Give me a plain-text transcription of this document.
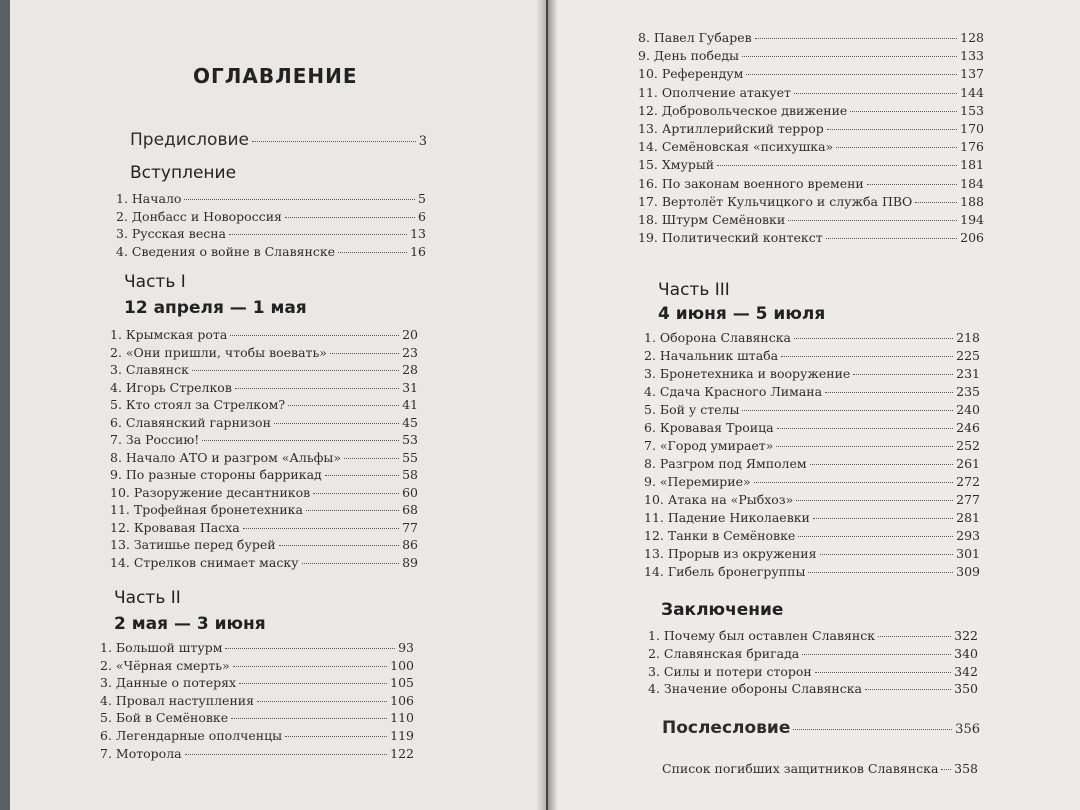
ОГЛАВЛЕНИЕ
Предисловие	3
Вступление
1. Начало	5
2. Донбасс и Новороссия	6
3. Русская весна	13
4. Сведения о войне в Славянске	16
Часть I
12 апреля — 1 мая
1. Крымская рота	20
2. «Они пришли, чтобы воевать»	23
3. Славянск	28
4. Игорь Стрелков	31
5. Кто стоял за Стрелком?	41
6. Славянский гарнизон	45
7. За Россию!	53
8. Начало АТО и разгром «Альфы»	55
9. По разные стороны баррикад	58
10. Разоружение десантников	60
11. Трофейная бронетехника	68
12. Кровавая Пасха	77
13. Затишье перед бурей	86
14. Стрелков снимает маску	89
Часть II
2 мая — 3 июня
1. Большой штурм	93
2. «Чёрная смерть»	100
3. Данные о потерях	105
4. Провал наступления	106
5. Бой в Семёновке	110
6. Легендарные ополченцы	119
7. Моторола	122
8. Павел Губарев	128
9. День победы	133
10. Референдум	137
11. Ополчение атакует	144
12. Добровольческое движение	153
13. Артиллерийский террор	170
14. Семёновская «психушка»	176
15. Хмурый	181
16. По законам военного времени	184
17. Вертолёт Кульчицкого и служба ПВО	188
18. Штурм Семёновки	194
19. Политический контекст	206
Часть III
4 июня — 5 июля
1. Оборона Славянска	218
2. Начальник штаба	225
3. Бронетехника и вооружение	231
4. Сдача Красного Лимана	235
5. Бой у стелы	240
6. Кровавая Троица	246
7. «Город умирает»	252
8. Разгром под Ямполем	261
9. «Перемирие»	272
10. Атака на «Рыбхоз»	277
11. Падение Николаевки	281
12. Танки в Семёновке	293
13. Прорыв из окружения	301
14. Гибель бронегруппы	309
Заключение
1. Почему был оставлен Славянск	322
2. Славянская бригада	340
3. Силы и потери сторон	342
4. Значение обороны Славянска	350
Послесловие	356
Список погибших защитников Славянска 358
